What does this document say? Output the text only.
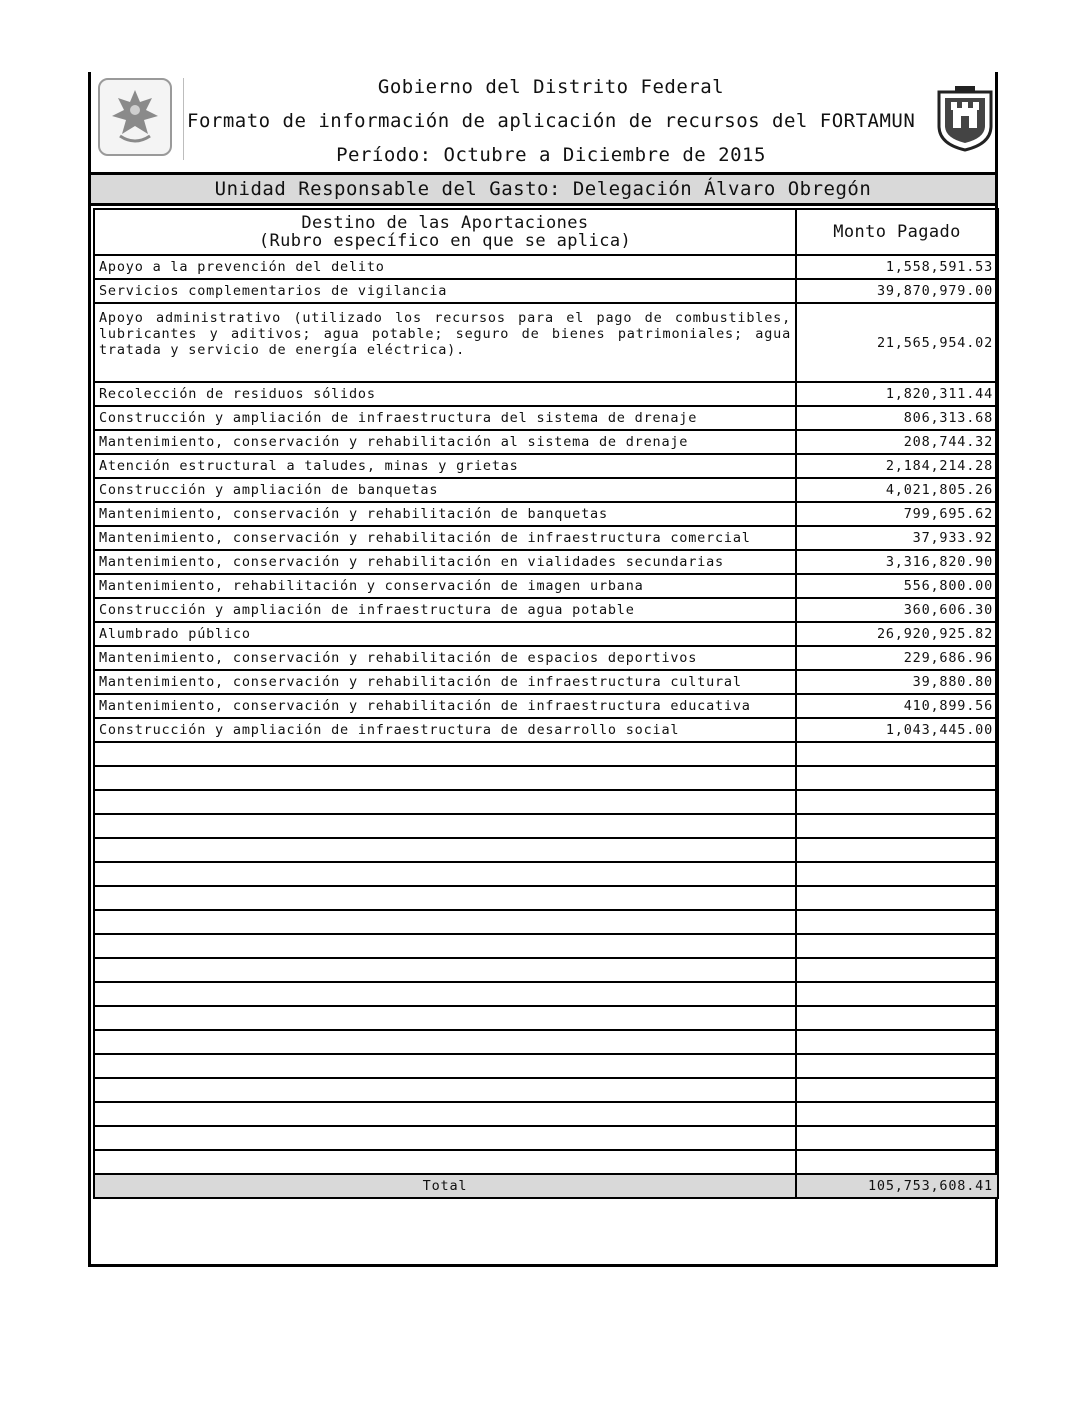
Gobierno del Distrito Federal
Formato de información de aplicación de recursos del FORTAMUN
Período: Octubre a Diciembre de 2015
Unidad Responsable del Gasto: Delegación Álvaro Obregón
Destino de las Aportaciones
(Rubro específico en que se aplica)	Monto Pagado
Apoyo a la prevención del delito	1,558,591.53
Servicios complementarios de vigilancia	39,870,979.00
Apoyo administrativo (utilizado los recursos para el pago de combustibles, lubricantes y aditivos; agua potable; seguro de bienes patrimoniales; agua tratada y servicio de energía eléctrica).	21,565,954.02
Recolección de residuos sólidos	1,820,311.44
Construcción y ampliación de infraestructura del sistema de drenaje	806,313.68
Mantenimiento, conservación y rehabilitación al sistema de drenaje	208,744.32
Atención estructural a taludes, minas y grietas	2,184,214.28
Construcción y ampliación de banquetas	4,021,805.26
Mantenimiento, conservación y rehabilitación de banquetas	799,695.62
Mantenimiento, conservación y rehabilitación de infraestructura comercial	37,933.92
Mantenimiento, conservación y rehabilitación en vialidades secundarias	3,316,820.90
Mantenimiento, rehabilitación y conservación de imagen urbana	556,800.00
Construcción y ampliación de infraestructura de agua potable	360,606.30
Alumbrado público	26,920,925.82
Mantenimiento, conservación y rehabilitación de espacios deportivos	229,686.96
Mantenimiento, conservación y rehabilitación de infraestructura cultural	39,880.80
Mantenimiento, conservación y rehabilitación de infraestructura educativa	410,899.56
Construcción y ampliación de infraestructura de desarrollo social	1,043,445.00

Total	105,753,608.41
